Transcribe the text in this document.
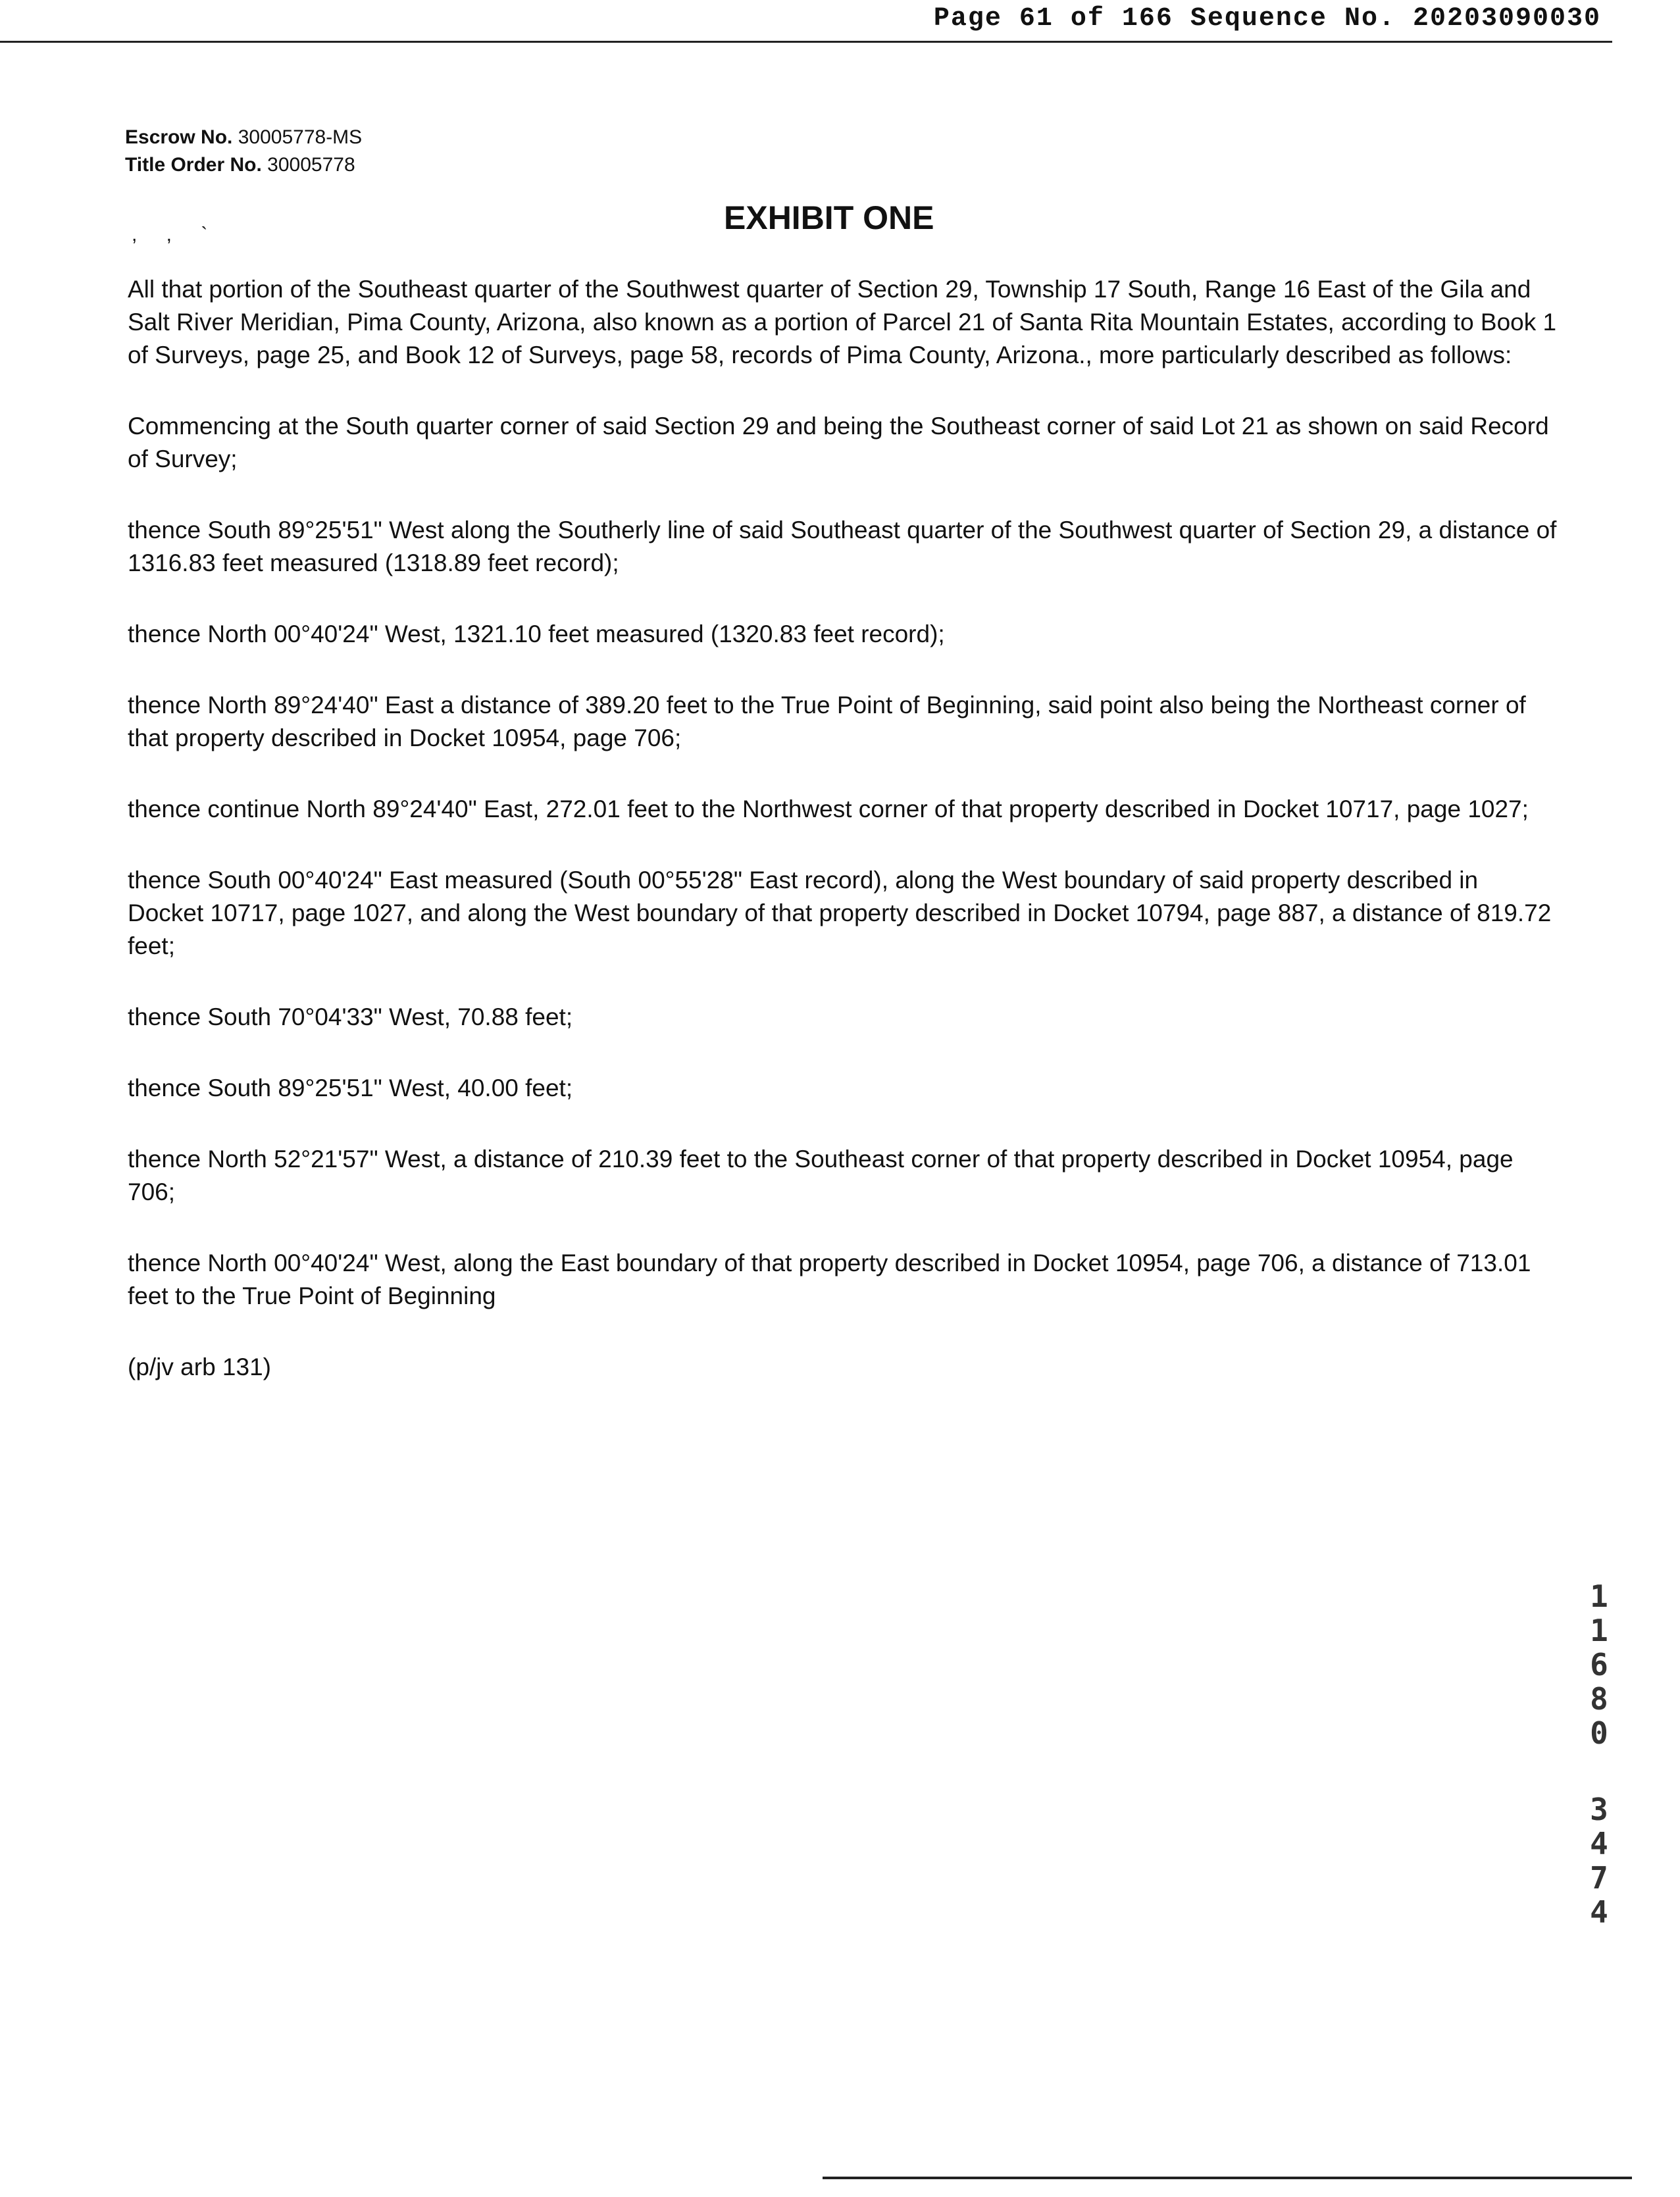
Page 61 of 166 Sequence No. 20203090030
Escrow No. 30005778-MS
Title Order No. 30005778
, , `	EXHIBIT ONE

All that portion of the Southeast quarter of the Southwest quarter of Section 29, Township 17 South, Range 16 East of the Gila and Salt River Meridian, Pima County, Arizona, also known as a portion of Parcel 21 of Santa Rita Mountain Estates, according to Book 1 of Surveys, page 25, and Book 12 of Surveys, page 58, records of Pima County, Arizona., more particularly described as follows:

Commencing at the South quarter corner of said Section 29 and being the Southeast corner of said Lot 21 as shown on said Record of Survey;

thence South 89°25'51" West along the Southerly line of said Southeast quarter of the Southwest quarter of Section 29, a distance of 1316.83 feet measured (1318.89 feet record);

thence North 00°40'24" West, 1321.10 feet measured (1320.83 feet record);

thence North 89°24'40" East a distance of 389.20 feet to the True Point of Beginning, said point also being the Northeast corner of that property described in Docket 10954, page 706;

thence continue North 89°24'40" East, 272.01 feet to the Northwest corner of that property described in Docket 10717, page 1027;

thence South 00°40'24" East measured (South 00°55'28" East record), along the West boundary of said property described in Docket 10717, page 1027, and along the West boundary of that property described in Docket 10794, page 887, a distance of 819.72 feet;

thence South 70°04'33" West, 70.88 feet;

thence South 89°25'51" West, 40.00 feet;

thence North 52°21'57" West, a distance of 210.39 feet to the Southeast corner of that property described in Docket 10954, page 706;

thence North 00°40'24" West, along the East boundary of that property described in Docket 10954, page 706, a distance of 713.01 feet to the True Point of Beginning

(p/jv arb 131)

1
1
6
8
0
3
4
7
4
